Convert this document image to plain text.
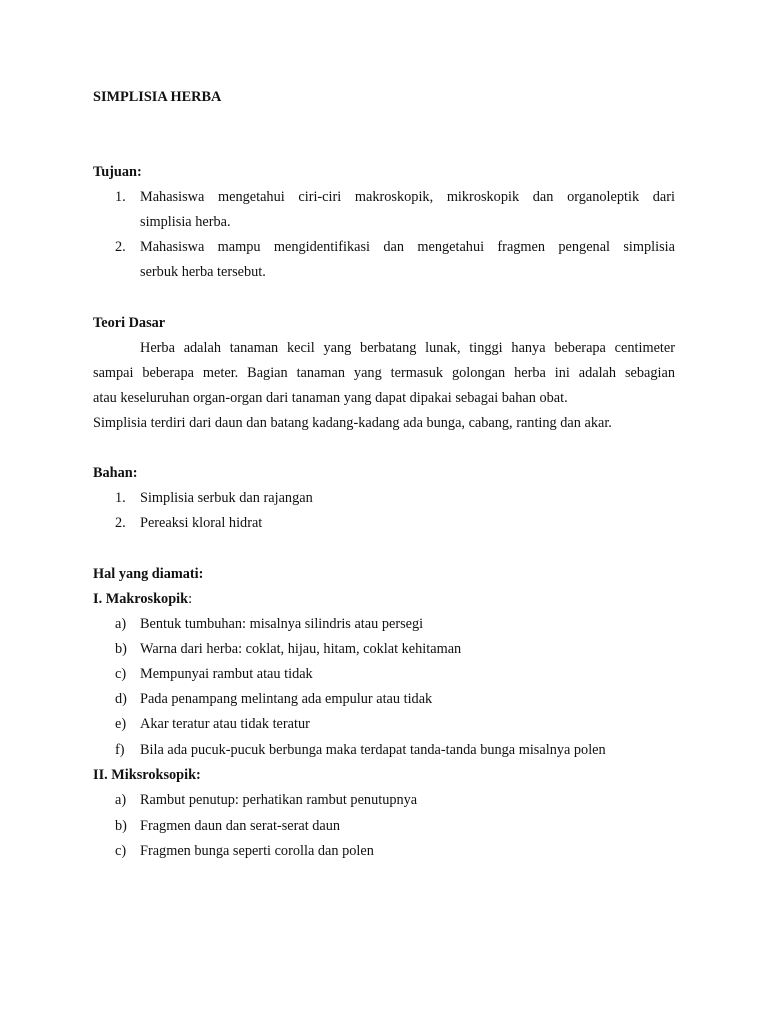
SIMPLISIA HERBA
Tujuan:
1. Mahasiswa mengetahui ciri-ciri makroskopik, mikroskopik dan organoleptik dari
simplisia herba.
2. Mahasiswa mampu mengidentifikasi dan mengetahui fragmen pengenal simplisia
serbuk herba tersebut.
Teori Dasar
Herba adalah tanaman kecil yang berbatang lunak, tinggi hanya beberapa centimeter
sampai beberapa meter. Bagian tanaman yang termasuk golongan herba ini adalah sebagian
atau keseluruhan organ-organ dari tanaman yang dapat dipakai sebagai bahan obat.
Simplisia terdiri dari daun dan batang kadang-kadang ada bunga, cabang, ranting dan akar.
Bahan:
1. Simplisia serbuk dan rajangan
2. Pereaksi kloral hidrat
Hal yang diamati:
I. Makroskopik:
a) Bentuk tumbuhan: misalnya silindris atau persegi
b) Warna dari herba: coklat, hijau, hitam, coklat kehitaman
c) Mempunyai rambut atau tidak
d) Pada penampang melintang ada empulur atau tidak
e) Akar teratur atau tidak teratur
f) Bila ada pucuk-pucuk berbunga maka terdapat tanda-tanda bunga misalnya polen
II. Miksroksopik:
a) Rambut penutup: perhatikan rambut penutupnya
b) Fragmen daun dan serat-serat daun
c) Fragmen bunga seperti corolla dan polen
